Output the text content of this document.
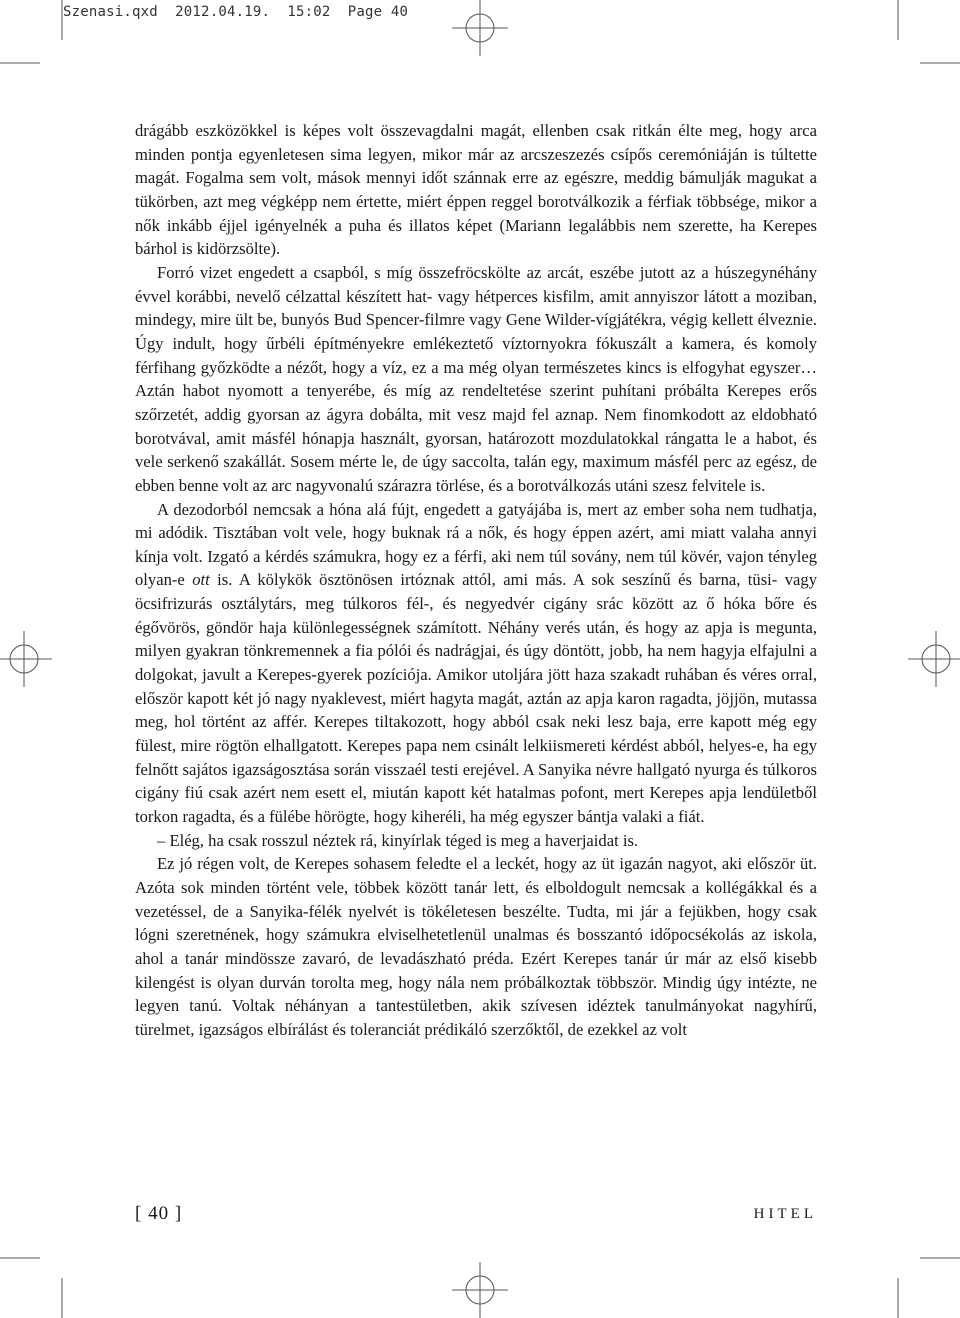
Szenasi.qxd  2012.04.19.  15:02  Page 40

drágább eszközökkel is képes volt összevagdalni magát, ellenben csak ritkán élte meg, hogy arca minden pontja egyenletesen sima legyen, mikor már az arcszeszezés csípős ceremóniáján is túltette magát. Fogalma sem volt, mások mennyi időt szánnak erre az egészre, meddig bámulják magukat a tükörben, azt meg végképp nem értette, miért éppen reggel borotválkozik a férfiak többsége, mikor a nők inkább éjjel igényelnék a puha és illatos képet (Mariann legalábbis nem szerette, ha Kerepes bárhol is kidörzsölte).

Forró vizet engedett a csapból, s míg összefröcskölte az arcát, eszébe jutott az a húszegynéhány évvel korábbi, nevelő célzattal készített hat- vagy hétperces kisfilm, amit annyiszor látott a moziban, mindegy, mire ült be, bunyós Bud Spencer-filmre vagy Gene Wilder-vígjátékra, végig kellett élveznie. Úgy indult, hogy űrbéli építményekre emlékeztető víztornyokra fókuszált a kamera, és komoly férfihang győzködte a nézőt, hogy a víz, ez a ma még olyan természetes kincs is elfogyhat egyszer… Aztán habot nyomott a tenyerébe, és míg az rendeltetése szerint puhítani próbálta Kerepes erős szőrzetét, addig gyorsan az ágyra dobálta, mit vesz majd fel aznap. Nem finomkodott az eldobható borotvával, amit másfél hónapja használt, gyorsan, határozott mozdulatokkal rángatta le a habot, és vele serkenő szakállát. Sosem mérte le, de úgy saccolta, talán egy, maximum másfél perc az egész, de ebben benne volt az arc nagyvonalú szárazra törlése, és a borotválkozás utáni szesz felvitele is.

A dezodorból nemcsak a hóna alá fújt, engedett a gatyájába is, mert az ember soha nem tudhatja, mi adódik. Tisztában volt vele, hogy buknak rá a nők, és hogy éppen azért, ami miatt valaha annyi kínja volt. Izgató a kérdés számukra, hogy ez a férfi, aki nem túl sovány, nem túl kövér, vajon tényleg olyan-e ott is. A kölykök ösztönösen irtóznak attól, ami más. A sok seszínű és barna, tüsi- vagy öcsifrizurás osztálytárs, meg túlkoros fél-, és negyedvér cigány srác között az ő hóka bőre és égővörös, göndör haja különlegességnek számított. Néhány verés után, és hogy az apja is megunta, milyen gyakran tönkremennek a fia pólói és nadrágjai, és úgy döntött, jobb, ha nem hagyja elfajulni a dolgokat, javult a Kerepes-gyerek pozíciója. Amikor utoljára jött haza szakadt ruhában és véres orral, először kapott két jó nagy nyaklevest, miért hagyta magát, aztán az apja karon ragadta, jöjjön, mutassa meg, hol történt az affér. Kerepes tiltakozott, hogy abból csak neki lesz baja, erre kapott még egy fülest, mire rögtön elhallgatott. Kerepes papa nem csinált lelkiismereti kérdést abból, helyes-e, ha egy felnőtt sajátos igazságosztása során visszaél testi erejével. A Sanyika névre hallgató nyurga és túlkoros cigány fiú csak azért nem esett el, miután kapott két hatalmas pofont, mert Kerepes apja lendületből torkon ragadta, és a fülébe hörögte, hogy kiheréli, ha még egyszer bántja valaki a fiát.

– Elég, ha csak rosszul néztek rá, kinyírlak téged is meg a haverjaidat is.

Ez jó régen volt, de Kerepes sohasem feledte el a leckét, hogy az üt igazán nagyot, aki először üt. Azóta sok minden történt vele, többek között tanár lett, és elboldogult nemcsak a kollégákkal és a vezetéssel, de a Sanyika-félék nyelvét is tökéletesen beszélte. Tudta, mi jár a fejükben, hogy csak lógni szeretnének, hogy számukra elviselhetetlenül unalmas és bosszantó időpocsékolás az iskola, ahol a tanár mindössze zavaró, de levadászható préda. Ezért Kerepes tanár úr már az első kisebb kilengést is olyan durván torolta meg, hogy nála nem próbálkoztak többször. Mindig úgy intézte, ne legyen tanú. Voltak néhányan a tantestületben, akik szívesen idéztek tanulmányokat nagyhírű, türelmet, igazságos elbírálást és toleranciát prédikáló szerzőktől, de ezekkel az volt

[ 40 ]	HITEL
